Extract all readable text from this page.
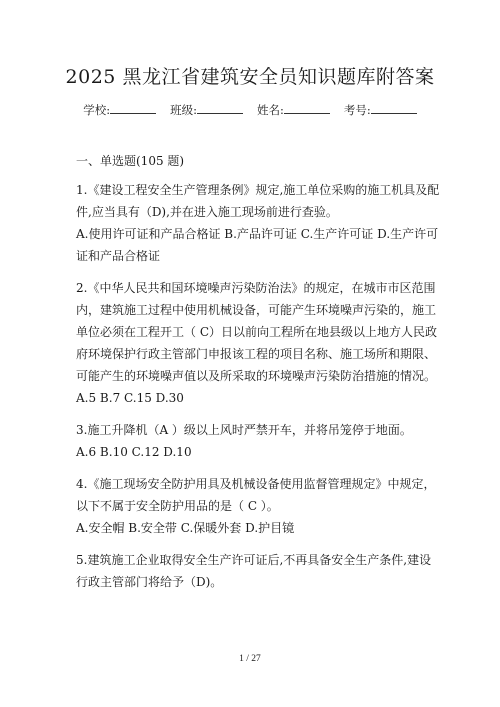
2025 黑龙江省建筑安全员知识题库附答案
学校:	班级:	姓名:	考号:
一、单选题(105 题)

1.《建设工程安全生产管理条例》规定,施工单位采购的施工机具及配件,应当具有（D),并在进入施工现场前进行查验。

A.使用许可证和产品合格证 B.产品许可证 C.生产许可证 D.生产许可证和产品合格证

2.《中华人民共和国环境噪声污染防治法》的规定，在城市市区范围内，建筑施工过程中使用机械设备，可能产生环境噪声污染的，施工单位必须在工程开工（ C）日以前向工程所在地县级以上地方人民政府环境保护行政主管部门申报该工程的项目名称、施工场所和期限、可能产生的环境噪声值以及所采取的环境噪声污染防治措施的情况。

A.5 B.7 C.15 D.30

3.施工升降机（A ）级以上风时严禁开车，并将吊笼停于地面。

A.6 B.10 C.12 D.10

4.《施工现场安全防护用具及机械设备使用监督管理规定》中规定，以下不属于安全防护用品的是（ C ）。

A.安全帽 B.安全带 C.保暖外套 D.护目镜

5.建筑施工企业取得安全生产许可证后,不再具备安全生产条件,建设行政主管部门将给予（D)。

1 / 27
